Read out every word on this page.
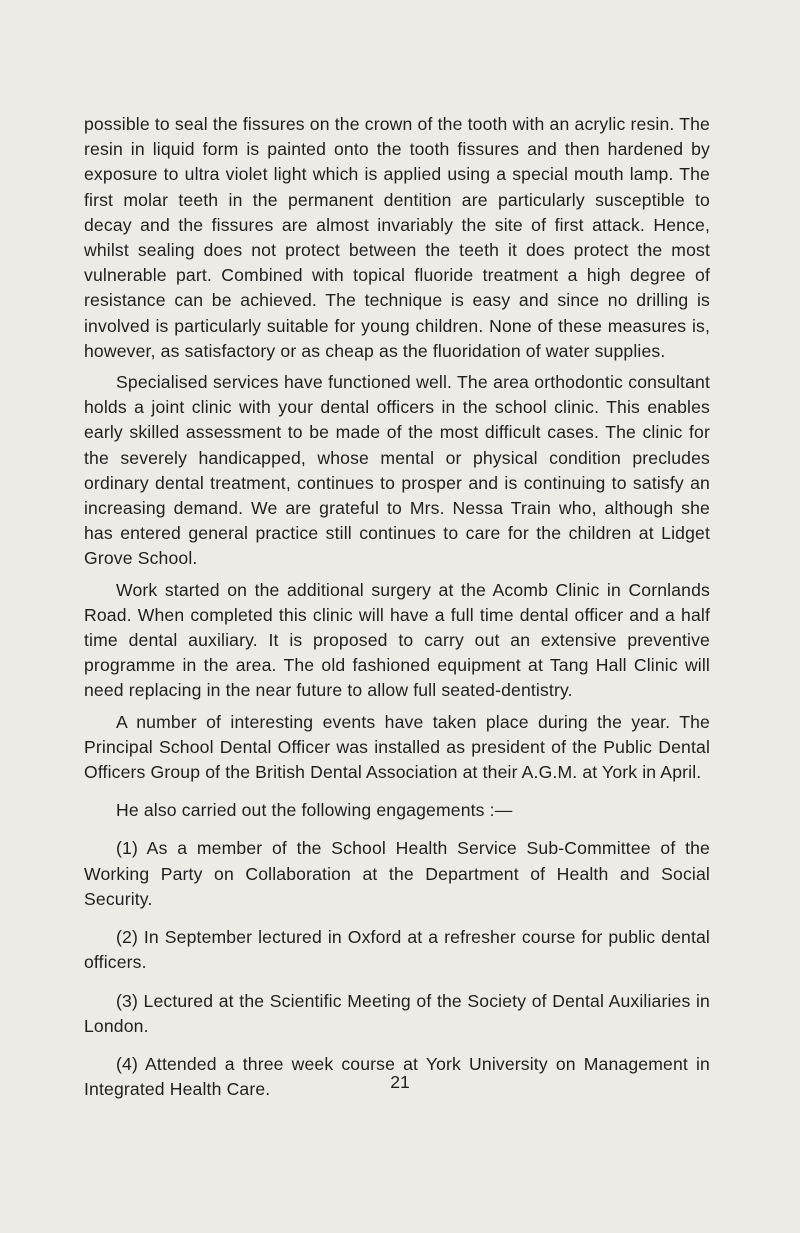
possible to seal the fissures on the crown of the tooth with an acrylic resin. The resin in liquid form is painted onto the tooth fissures and then hardened by exposure to ultra violet light which is applied using a special mouth lamp. The first molar teeth in the permanent dentition are particularly susceptible to decay and the fissures are almost invariably the site of first attack. Hence, whilst sealing does not protect between the teeth it does protect the most vulnerable part. Combined with topical fluoride treatment a high degree of resistance can be achieved. The technique is easy and since no drilling is involved is particularly suitable for young children. None of these measures is, however, as satisfactory or as cheap as the fluoridation of water supplies.

Specialised services have functioned well. The area orthodontic consultant holds a joint clinic with your dental officers in the school clinic. This enables early skilled assessment to be made of the most difficult cases. The clinic for the severely handicapped, whose mental or physical condition precludes ordinary dental treatment, continues to prosper and is continuing to satisfy an increasing demand. We are grateful to Mrs. Nessa Train who, although she has entered general practice still continues to care for the children at Lidget Grove School.

Work started on the additional surgery at the Acomb Clinic in Cornlands Road. When completed this clinic will have a full time dental officer and a half time dental auxiliary. It is proposed to carry out an extensive preventive programme in the area. The old fashioned equipment at Tang Hall Clinic will need replacing in the near future to allow full seated-dentistry.

A number of interesting events have taken place during the year. The Principal School Dental Officer was installed as president of the Public Dental Officers Group of the British Dental Association at their A.G.M. at York in April.

He also carried out the following engagements :—

(1) As a member of the School Health Service Sub-Committee of the Working Party on Collaboration at the Department of Health and Social Security.

(2) In September lectured in Oxford at a refresher course for public dental officers.

(3) Lectured at the Scientific Meeting of the Society of Dental Auxiliaries in London.

(4) Attended a three week course at York University on Management in Integrated Health Care.	21
